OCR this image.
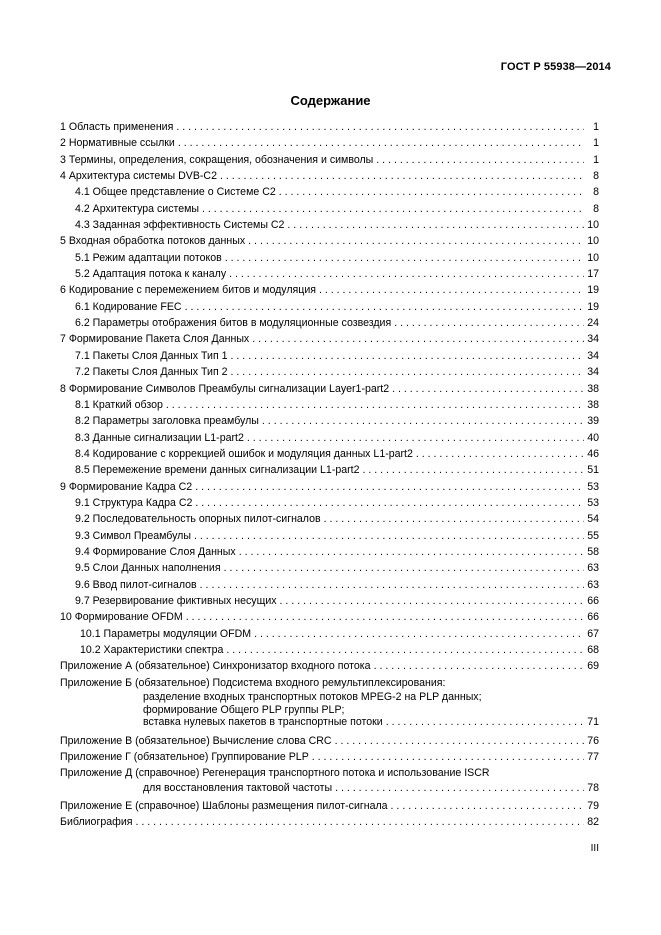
ГОСТ Р 55938—2014
Содержание
1 Область применения . . .	1
2 Нормативные ссылки . . .	1
3 Термины, определения, сокращения, обозначения и символы . . .	1
4 Архитектура системы DVB-C2 . . .	8
4.1 Общее представление о Системе С2 . . .	8
4.2 Архитектура системы . . .	8
4.3 Заданная эффективность Системы С2 . . .	10
5 Входная обработка потоков данных . . .	10
5.1 Режим адаптации потоков . . .	10
5.2 Адаптация потока к каналу . . .	17
6 Кодирование с перемежением битов и модуляция . . .	19
6.1 Кодирование FEC . . .	19
6.2 Параметры отображения битов в модуляционные созвездия . . .	24
7 Формирование Пакета Слоя Данных . . .	34
7.1 Пакеты Слоя Данных Тип 1 . . .	34
7.2 Пакеты Слоя Данных Тип 2 . . .	34
8 Формирование Символов Преамбулы сигнализации Layer1-part2 . . .	38
8.1 Краткий обзор . . .	38
8.2 Параметры заголовка преамбулы . . .	39
8.3 Данные сигнализации L1-part2 . . .	40
8.4 Кодирование с коррекцией ошибок и модуляция данных L1-part2 . . .	46
8.5 Перемежение времени данных сигнализации L1-part2 . . .	51
9 Формирование Кадра С2 . . .	53
9.1 Структура Кадра С2 . . .	53
9.2 Последовательность опорных пилот-сигналов . . .	54
9.3 Символ Преамбулы . . .	55
9.4 Формирование Слоя Данных . . .	58
9.5 Слои Данных наполнения . . .	63
9.6 Ввод пилот-сигналов . . .	63
9.7 Резервирование фиктивных несущих . . .	66
10 Формирование OFDM . . .	66
10.1 Параметры модуляции OFDM . . .	67
10.2 Характеристики спектра . . .	68
Приложение А (обязательное) Синхронизатор входного потока . . .	69
Приложение Б (обязательное) Подсистема входного ремультиплексирования:
разделение входных транспортных потоков MPEG-2 на PLP данных;
формирование Общего PLP группы PLP;
вставка нулевых пакетов в транспортные потоки . . .	71
Приложение В (обязательное) Вычисление слова CRC . . .	76
Приложение Г (обязательное) Группирование PLP . . .	77
Приложение Д (справочное) Регенерация транспортного потока и использование ISCR
для восстановления тактовой частоты . . .	78
Приложение Е (справочное) Шаблоны размещения пилот-сигнала . . .	79
Библиография . . .	82
III
